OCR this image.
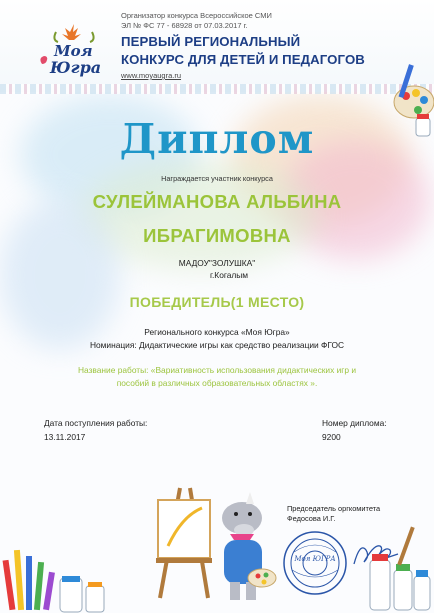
Моя
Югра
Организатор конкурса Всероссийское СМИ
ЭЛ № ФС 77 - 68928 от 07.03.2017 г.
ПЕРВЫЙ РЕГИОНАЛЬНЫЙ
КОНКУРС ДЛЯ ДЕТЕЙ И ПЕДАГОГОВ
www.moyaugra.ru
Диплом
Награждается участник конкурса
СУЛЕЙМАНОВА АЛЬБИНА
ИБРАГИМОВНА
МАДОУ"ЗОЛУШКА"
г.Когалым
ПОБЕДИТЕЛЬ(1 МЕСТО)
Регионального конкурса «Моя Югра»
Номинация: Дидактические игры как средство реализации ФГОС
Название работы: «Вариативность использования дидактических игр и
пособий в различных образовательных областях ».
Дата поступления работы:
13.11.2017
Номер диплома:
9200
Председатель оргкомитета
Федосова И.Г.
Моя ЮГРА
